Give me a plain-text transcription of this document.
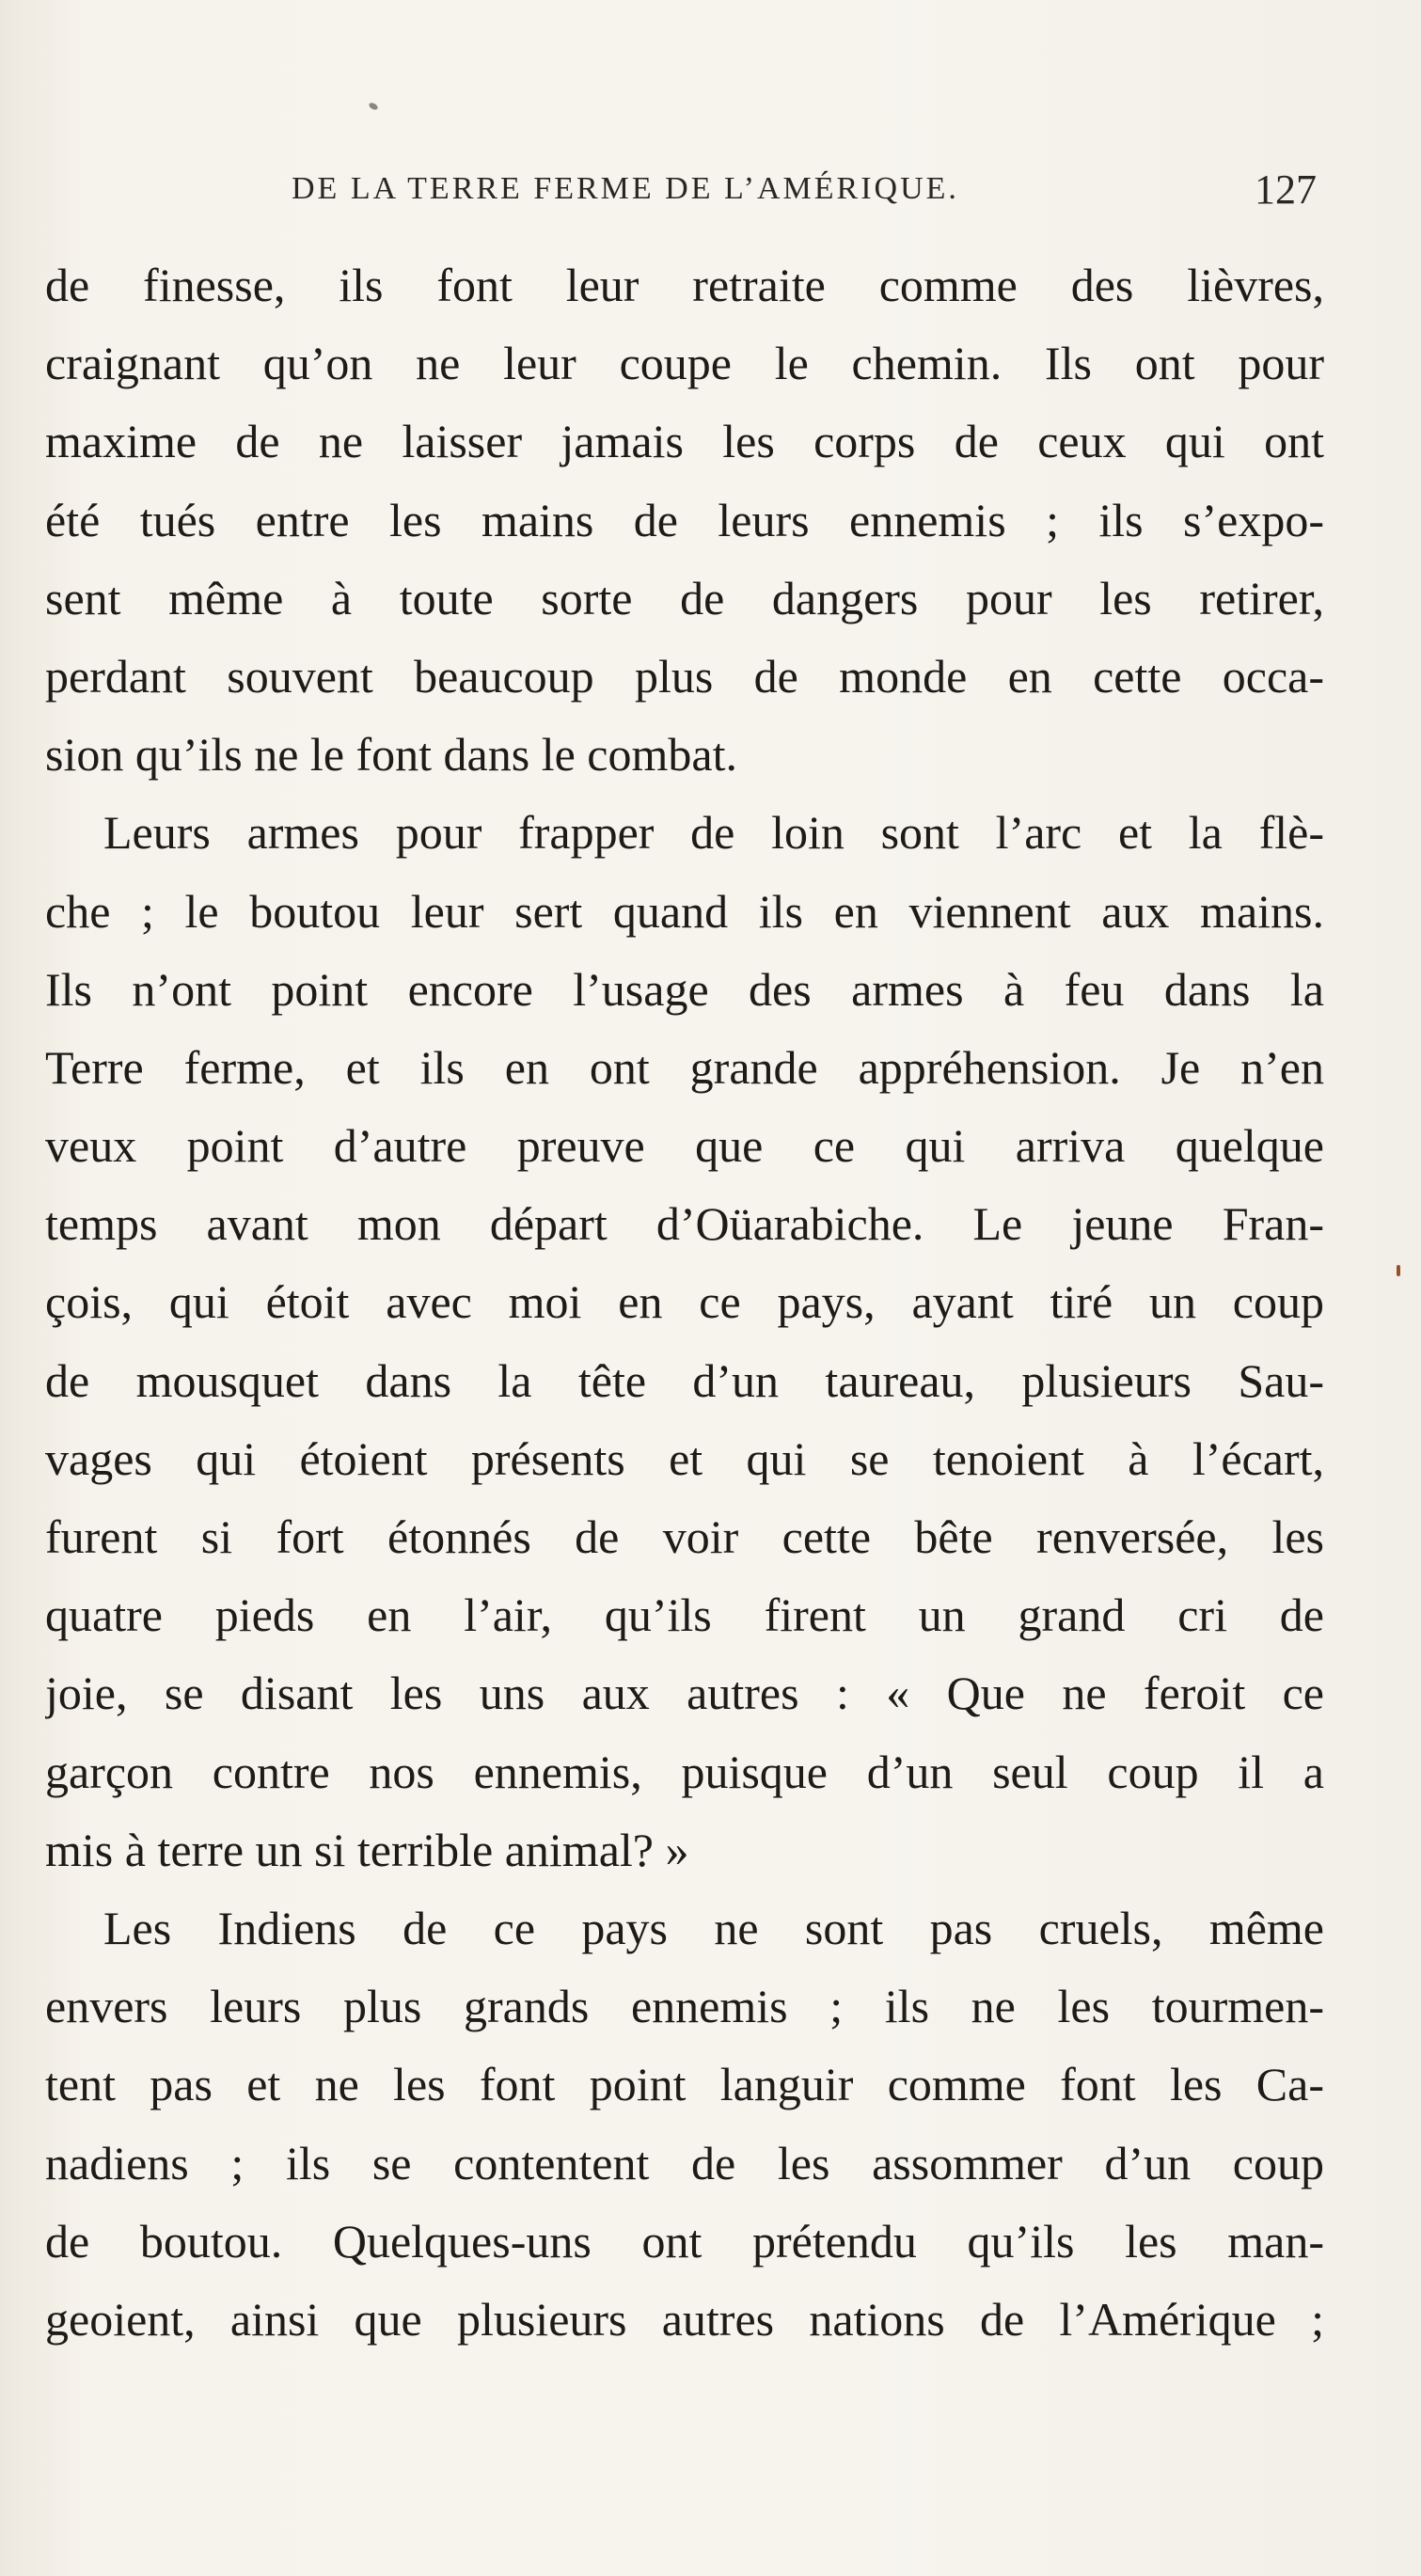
DE LA TERRE FERME DE L’AMÉRIQUE.	127
de finesse, ils font leur retraite comme des lièvres,
craignant qu’on ne leur coupe le chemin. Ils ont pour
maxime de ne laisser jamais les corps de ceux qui ont
été tués entre les mains de leurs ennemis ; ils s’expo-
sent même à toute sorte de dangers pour les retirer,
perdant souvent beaucoup plus de monde en cette occa-
sion qu’ils ne le font dans le combat.
Leurs armes pour frapper de loin sont l’arc et la flè-
che ; le boutou leur sert quand ils en viennent aux mains.
Ils n’ont point encore l’usage des armes à feu dans la
Terre ferme, et ils en ont grande appréhension. Je n’en
veux point d’autre preuve que ce qui arriva quelque
temps avant mon départ d’Oüarabiche. Le jeune Fran-
çois, qui étoit avec moi en ce pays, ayant tiré un coup
de mousquet dans la tête d’un taureau, plusieurs Sau-
vages qui étoient présents et qui se tenoient à l’écart,
furent si fort étonnés de voir cette bête renversée, les
quatre pieds en l’air, qu’ils firent un grand cri de
joie, se disant les uns aux autres : « Que ne feroit ce
garçon contre nos ennemis, puisque d’un seul coup il a
mis à terre un si terrible animal? »
Les Indiens de ce pays ne sont pas cruels, même
envers leurs plus grands ennemis ; ils ne les tourmen-
tent pas et ne les font point languir comme font les Ca-
nadiens ; ils se contentent de les assommer d’un coup
de boutou. Quelques-uns ont prétendu qu’ils les man-
geoient, ainsi que plusieurs autres nations de l’Amérique ;
